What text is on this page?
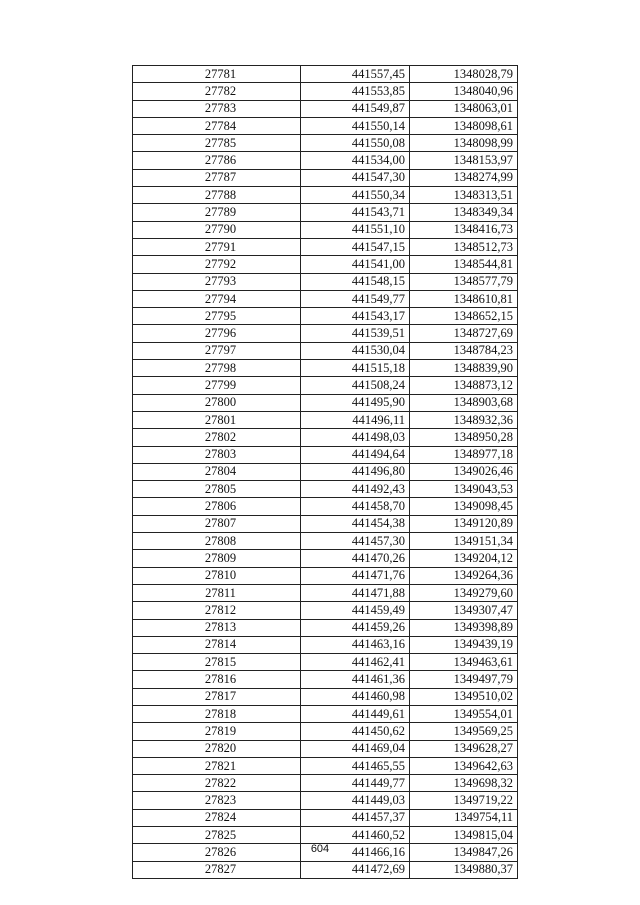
27781	441557,45	1348028,79
27782	441553,85	1348040,96
27783	441549,87	1348063,01
27784	441550,14	1348098,61
27785	441550,08	1348098,99
27786	441534,00	1348153,97
27787	441547,30	1348274,99
27788	441550,34	1348313,51
27789	441543,71	1348349,34
27790	441551,10	1348416,73
27791	441547,15	1348512,73
27792	441541,00	1348544,81
27793	441548,15	1348577,79
27794	441549,77	1348610,81
27795	441543,17	1348652,15
27796	441539,51	1348727,69
27797	441530,04	1348784,23
27798	441515,18	1348839,90
27799	441508,24	1348873,12
27800	441495,90	1348903,68
27801	441496,11	1348932,36
27802	441498,03	1348950,28
27803	441494,64	1348977,18
27804	441496,80	1349026,46
27805	441492,43	1349043,53
27806	441458,70	1349098,45
27807	441454,38	1349120,89
27808	441457,30	1349151,34
27809	441470,26	1349204,12
27810	441471,76	1349264,36
27811	441471,88	1349279,60
27812	441459,49	1349307,47
27813	441459,26	1349398,89
27814	441463,16	1349439,19
27815	441462,41	1349463,61
27816	441461,36	1349497,79
27817	441460,98	1349510,02
27818	441449,61	1349554,01
27819	441450,62	1349569,25
27820	441469,04	1349628,27
27821	441465,55	1349642,63
27822	441449,77	1349698,32
27823	441449,03	1349719,22
27824	441457,37	1349754,11
27825	441460,52	1349815,04
27826	441466,16	1349847,26
27827	441472,69	1349880,37
604
